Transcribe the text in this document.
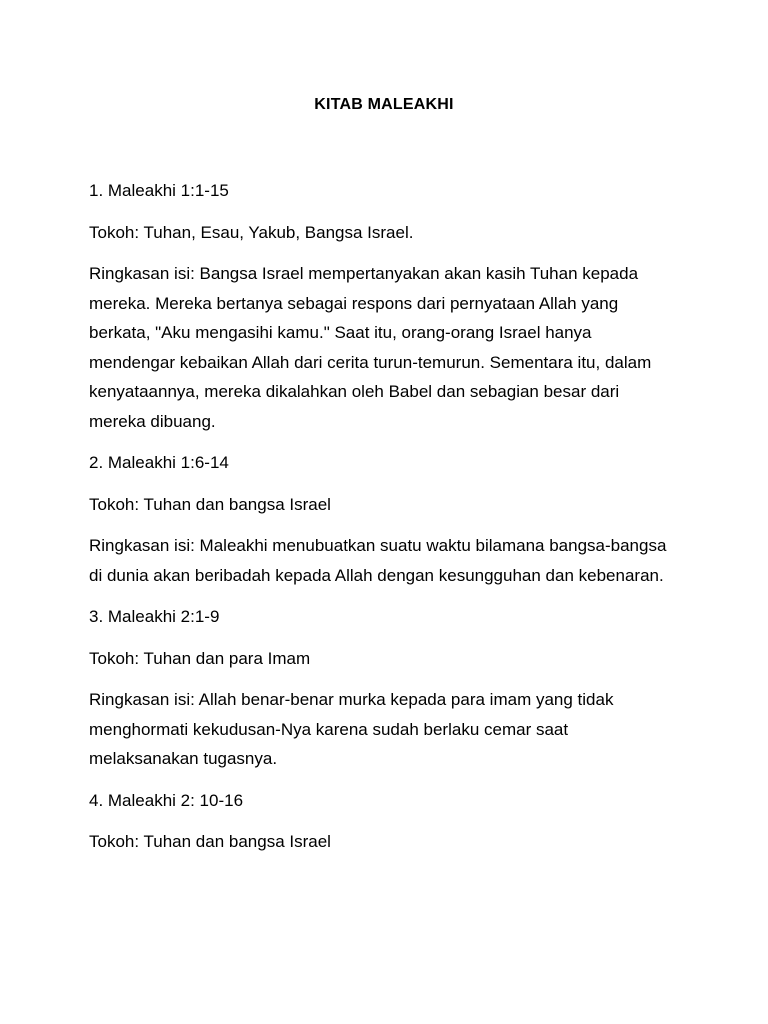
KITAB MALEAKHI
1. Maleakhi 1:1-15
Tokoh: Tuhan, Esau, Yakub, Bangsa Israel.
Ringkasan isi: Bangsa Israel mempertanyakan akan kasih Tuhan kepada mereka. Mereka bertanya sebagai respons dari pernyataan Allah yang berkata, "Aku mengasihi kamu." Saat itu, orang-orang Israel hanya mendengar kebaikan Allah dari cerita turun-temurun. Sementara itu, dalam kenyataannya, mereka dikalahkan oleh Babel dan sebagian besar dari mereka dibuang.
2. Maleakhi 1:6-14
Tokoh: Tuhan dan bangsa Israel
Ringkasan isi: Maleakhi menubuatkan suatu waktu bilamana bangsa-bangsa di dunia akan beribadah kepada Allah dengan kesungguhan dan kebenaran.
3. Maleakhi 2:1-9
Tokoh: Tuhan dan para Imam
Ringkasan isi: Allah benar-benar murka kepada para imam yang tidak menghormati kekudusan-Nya karena sudah berlaku cemar saat melaksanakan tugasnya.
4. Maleakhi 2: 10-16
Tokoh: Tuhan dan bangsa Israel
